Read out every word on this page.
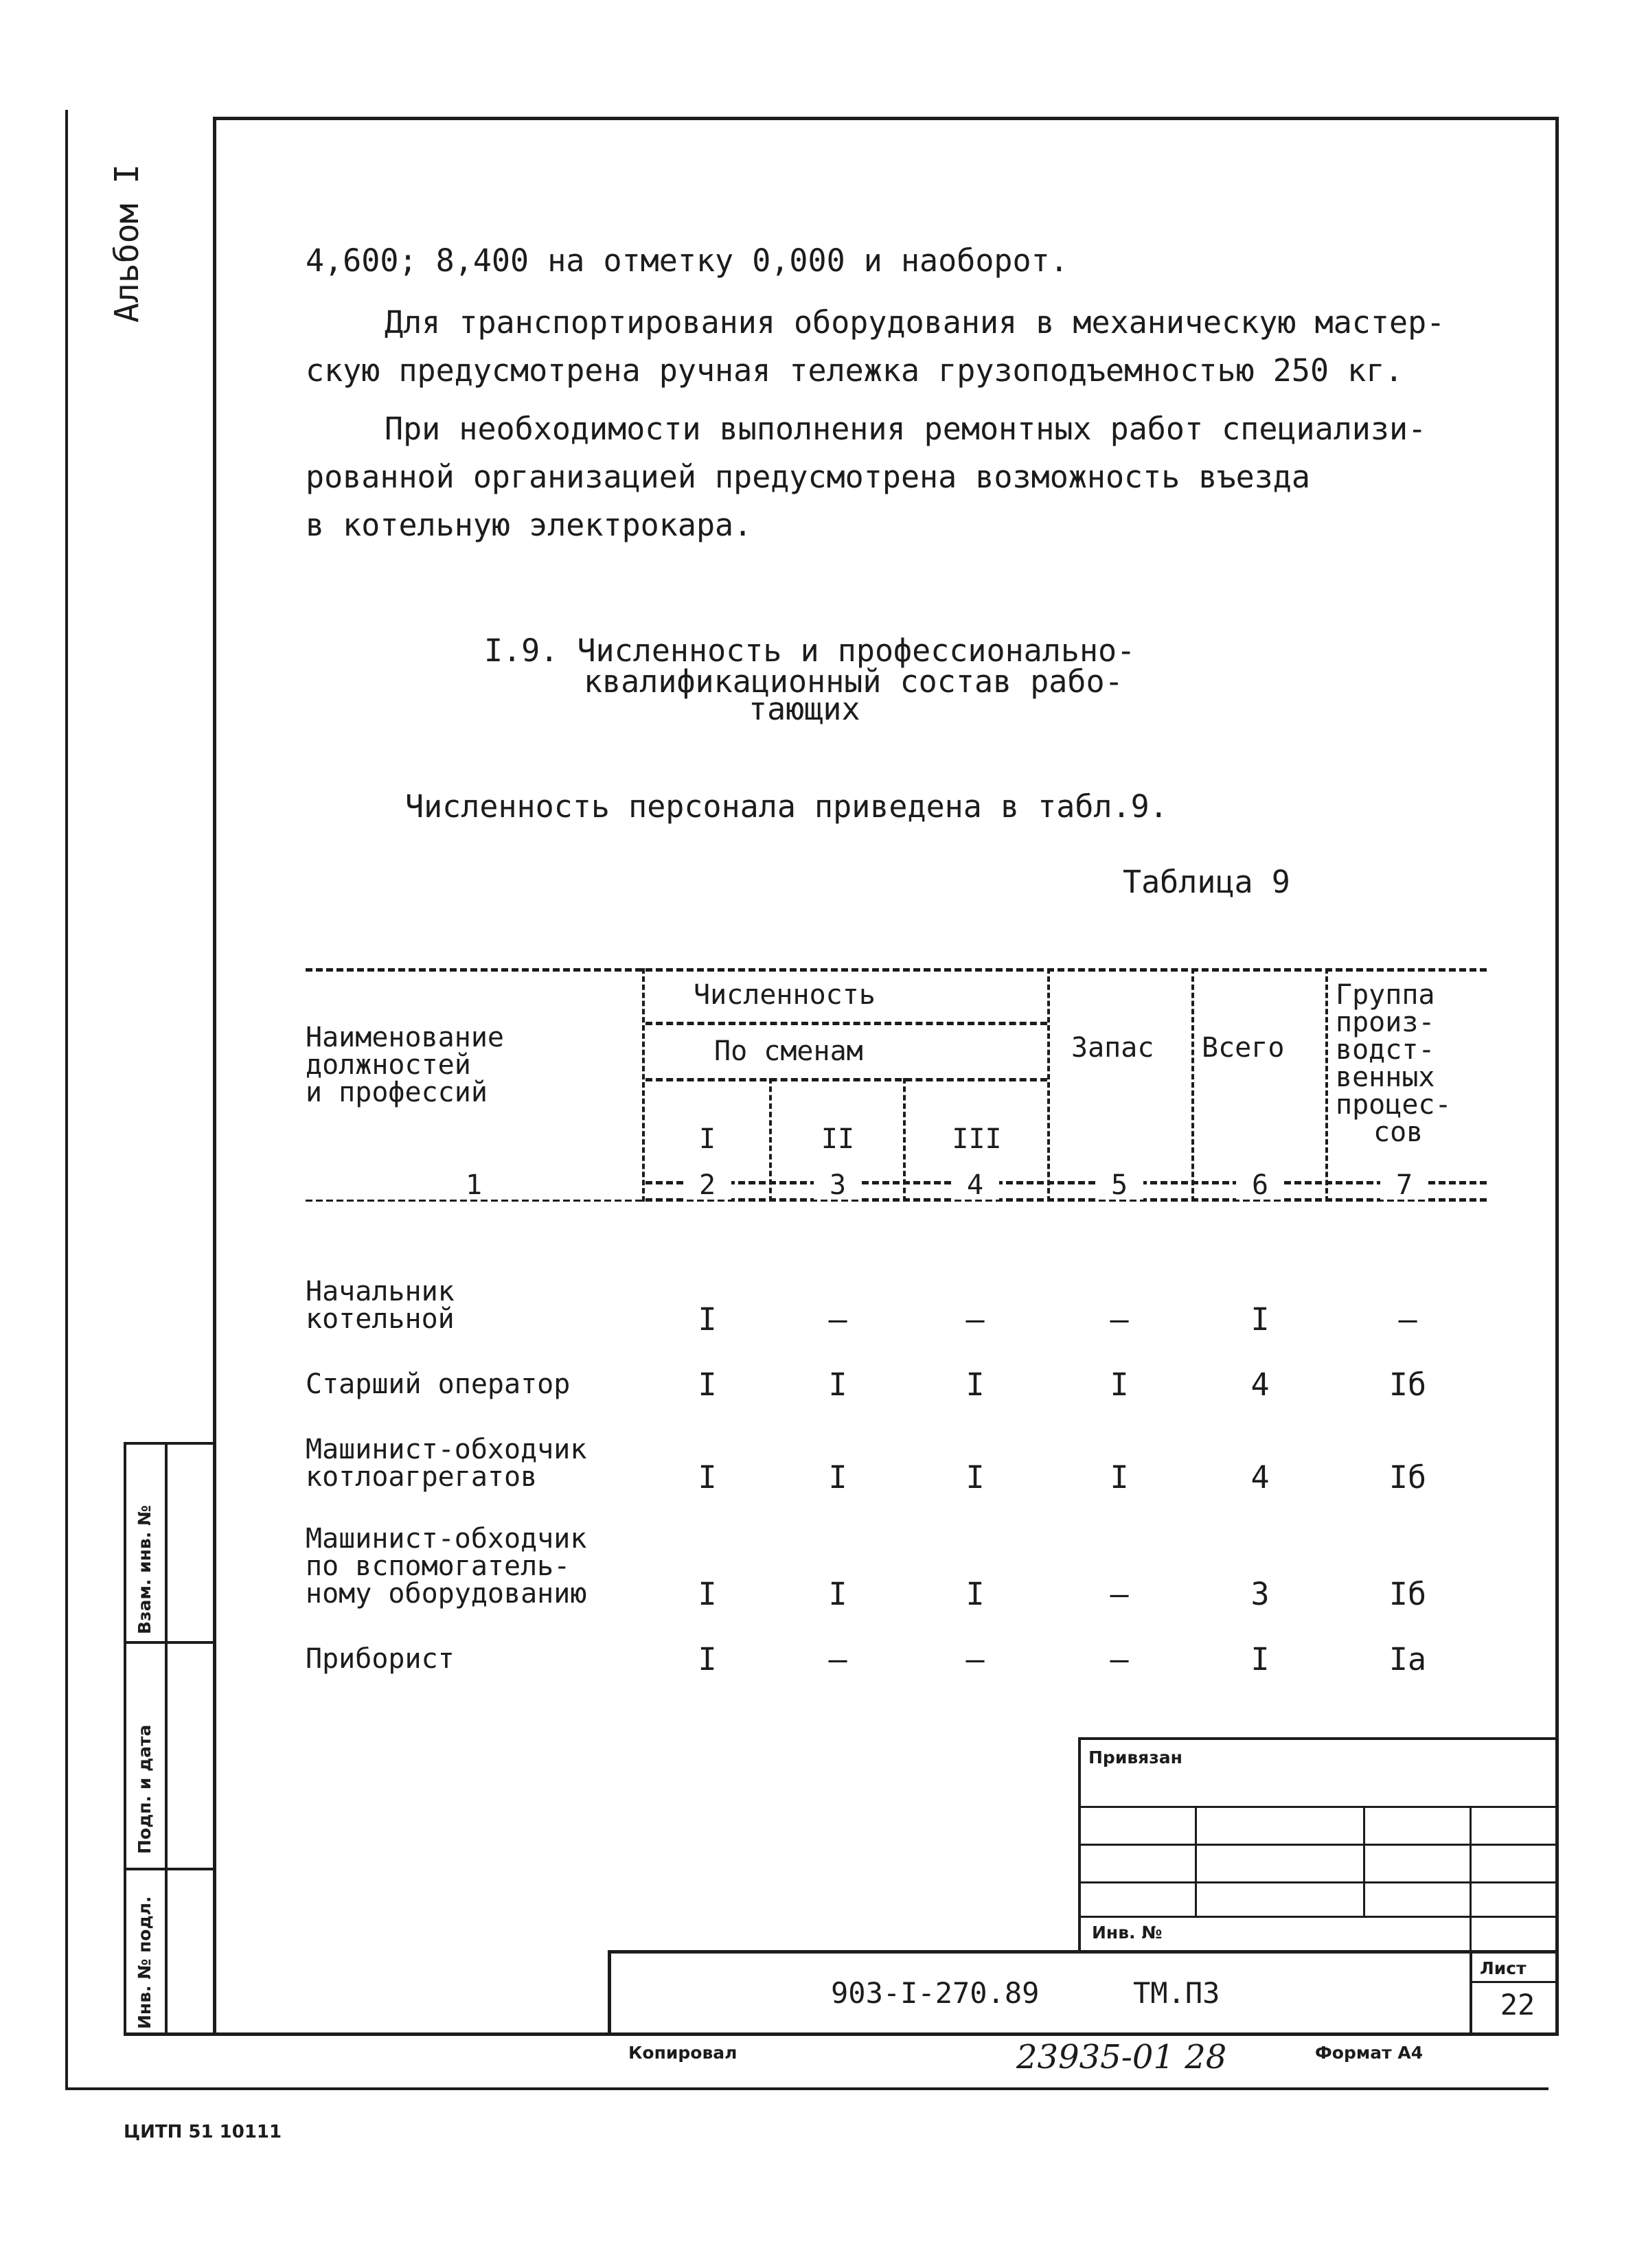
Альбом I
Взам. инв. №
Подп. и дата
Инв. № подл.
4,600; 8,400 на отметку 0,000 и наоборот.
Для транспортирования оборудования в механическую мастер-
скую предусмотрена ручная тележка грузоподъемностью 250 кг.
При необходимости выполнения ремонтных работ специализи-
рованной организацией предусмотрена возможность въезда
в котельную электрокара.
I.9. Численность и профессионально-
квалификационный состав рабо-
тающих
Численность персонала приведена в табл.9.
Таблица 9
Наименование
должностей
и профессий
Численность
По сменам
I	II	III
Запас Всего
Группа
произ-
водст-
венных
процес-
сов
1	2	3	4	5	6	7
Начальник
котельной	I	–	–	–	I	–
Старший оператор	I	I	I	I	4	Iб
Машинист-обходчик
котлоагрегатов	I	I	I	I	4	Iб
Машинист-обходчик
по вспомогатель-
ному оборудованию	I	I	I	–	3	Iб
Приборист	I	–	–	–	I	Iа
Привязан
Инв. №
903-I-270.89	ТМ.ПЗ
Лист
22
Копировал	23935-01 28	Формат А4
ЦИТП 51 10111
